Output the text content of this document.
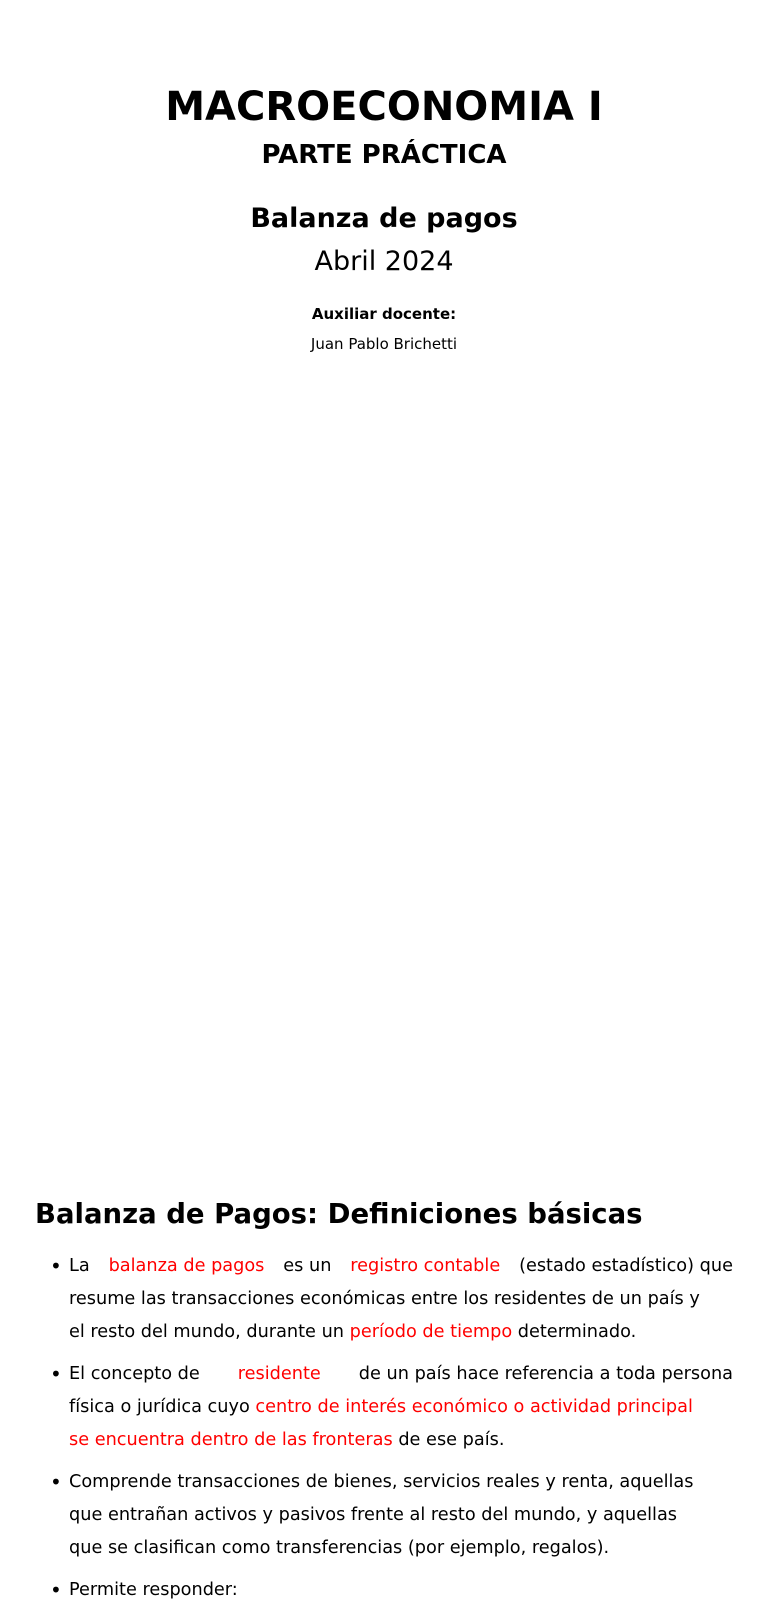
MACROECONOMIA I
PARTE PRÁCTICA
Balanza de pagos
Abril 2024
Auxiliar docente:
Juan Pablo Brichetti
Balanza de Pagos: Definiciones básicas
• La balanza de pagos es un registro contable (estado estadístico) que
resume las transacciones económicas entre los residentes de un país y
el resto del mundo, durante un período de tiempo determinado.
• El concepto de residente de un país hace referencia a toda persona
física o jurídica cuyo centro de interés económico o actividad principal
se encuentra dentro de las fronteras de ese país.
• Comprende transacciones de bienes, servicios reales y renta, aquellas
que entrañan activos y pasivos frente al resto del mundo, y aquellas
que se clasifican como transferencias (por ejemplo, regalos).
• Permite responder:
